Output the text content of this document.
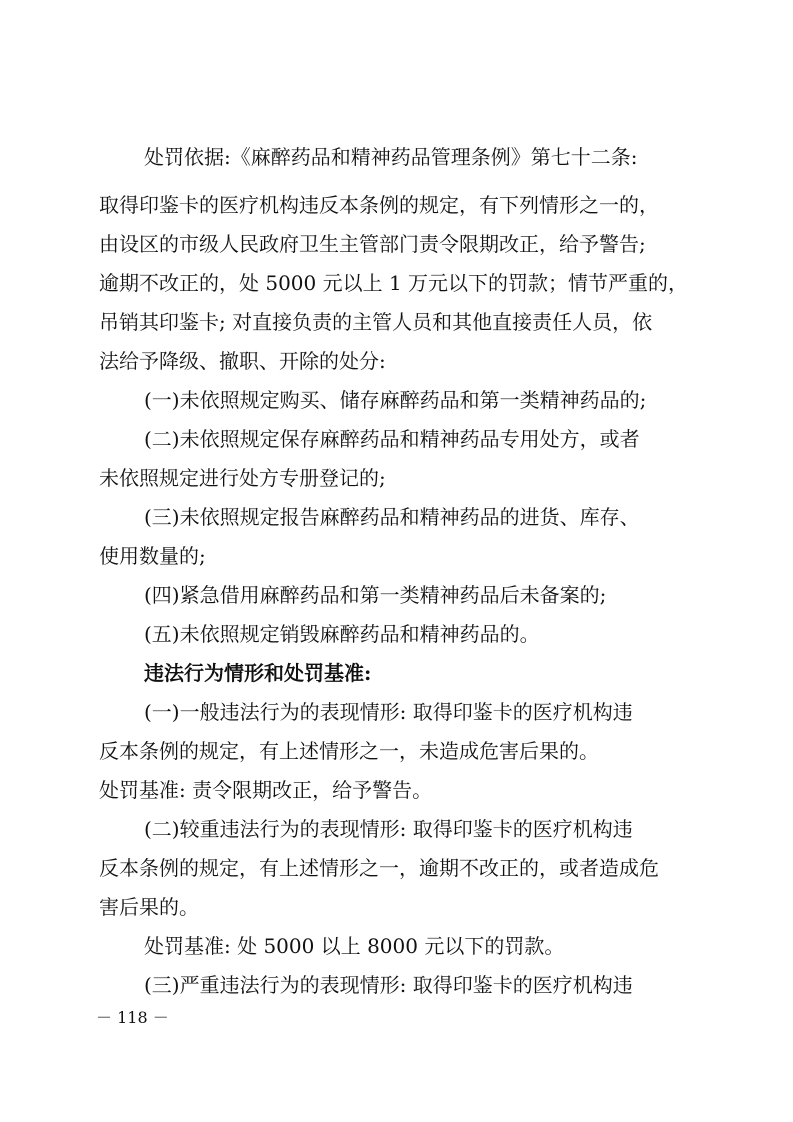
处罚依据:《麻醉药品和精神药品管理条例》第七十二条:
取得印鉴卡的医疗机构违反本条例的规定，有下列情形之一的，
由设区的市级人民政府卫生主管部门责令限期改正，给予警告;
逾期不改正的，处 5000 元以上 1 万元以下的罚款；情节严重的，
吊销其印鉴卡; 对直接负责的主管人员和其他直接责任人员，依
法给予降级、撤职、开除的处分:
(一)未依照规定购买、储存麻醉药品和第一类精神药品的;
(二)未依照规定保存麻醉药品和精神药品专用处方，或者
未依照规定进行处方专册登记的;
(三)未依照规定报告麻醉药品和精神药品的进货、库存、
使用数量的;
(四)紧急借用麻醉药品和第一类精神药品后未备案的;
(五)未依照规定销毁麻醉药品和精神药品的。
违法行为情形和处罚基准:
(一)一般违法行为的表现情形: 取得印鉴卡的医疗机构违
反本条例的规定，有上述情形之一，未造成危害后果的。
处罚基准: 责令限期改正，给予警告。
(二)较重违法行为的表现情形: 取得印鉴卡的医疗机构违
反本条例的规定，有上述情形之一，逾期不改正的，或者造成危
害后果的。
处罚基准: 处 5000 以上 8000 元以下的罚款。
(三)严重违法行为的表现情形: 取得印鉴卡的医疗机构违
－ 118 －
